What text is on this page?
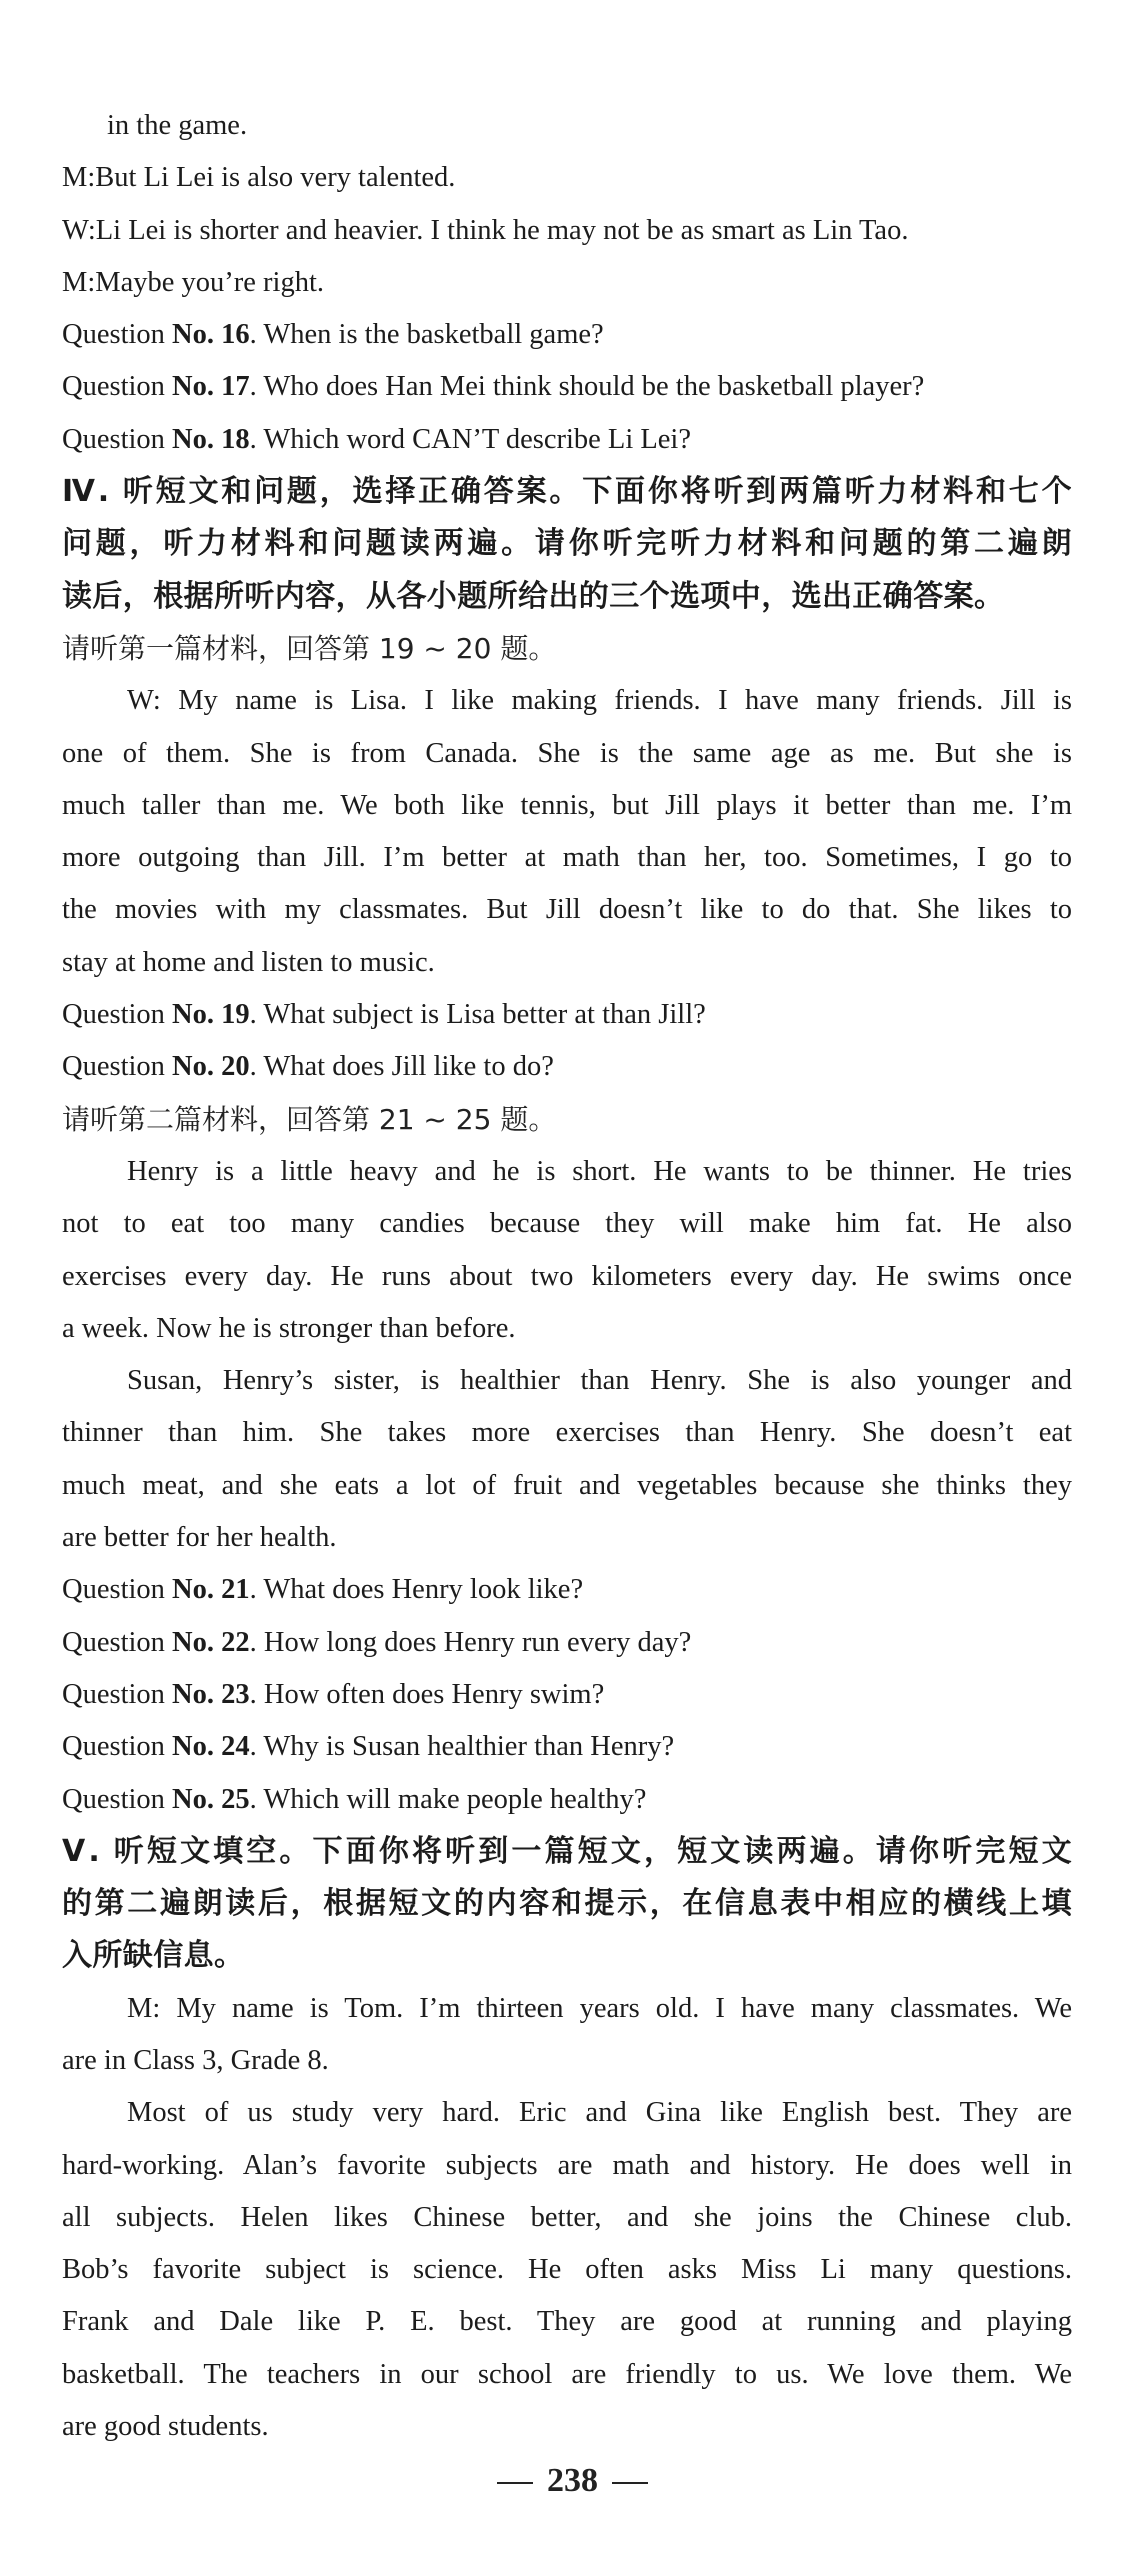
in the game.
M:But Li Lei is also very talented.
W:Li Lei is shorter and heavier. I think he may not be as smart as Lin Tao.
M:Maybe you’re right.
Question No. 16. When is the basketball game?
Question No. 17. Who does Han Mei think should be the basketball player?
Question No. 18. Which word CAN’T describe Li Lei?
Ⅳ. 听短文和问题，选择正确答案。下面你将听到两篇听力材料和七个
问题，听力材料和问题读两遍。请你听完听力材料和问题的第二遍朗
读后，根据所听内容，从各小题所给出的三个选项中，选出正确答案。
请听第一篇材料，回答第 19 ~ 20 题。
W: My name is Lisa. I like making friends. I have many friends. Jill is
one of them. She is from Canada. She is the same age as me. But she is
much taller than me. We both like tennis, but Jill plays it better than me. I’m
more outgoing than Jill. I’m better at math than her, too. Sometimes, I go to
the movies with my classmates. But Jill doesn’t like to do that. She likes to
stay at home and listen to music.
Question No. 19. What subject is Lisa better at than Jill?
Question No. 20. What does Jill like to do?
请听第二篇材料，回答第 21 ~ 25 题。
Henry is a little heavy and he is short. He wants to be thinner. He tries
not to eat too many candies because they will make him fat. He also
exercises every day. He runs about two kilometers every day. He swims once
a week. Now he is stronger than before.
Susan, Henry’s sister, is healthier than Henry. She is also younger and
thinner than him. She takes more exercises than Henry. She doesn’t eat
much meat, and she eats a lot of fruit and vegetables because she thinks they
are better for her health.
Question No. 21. What does Henry look like?
Question No. 22. How long does Henry run every day?
Question No. 23. How often does Henry swim?
Question No. 24. Why is Susan healthier than Henry?
Question No. 25. Which will make people healthy?
Ⅴ. 听短文填空。下面你将听到一篇短文，短文读两遍。请你听完短文
的第二遍朗读后，根据短文的内容和提示，在信息表中相应的横线上填
入所缺信息。
M: My name is Tom. I’m thirteen years old. I have many classmates. We
are in Class 3, Grade 8.
Most of us study very hard. Eric and Gina like English best. They are
hard-working. Alan’s favorite subjects are math and history. He does well in
all subjects. Helen likes Chinese better, and she joins the Chinese club.
Bob’s favorite subject is science. He often asks Miss Li many questions.
Frank and Dale like P. E. best. They are good at running and playing
basketball. The teachers in our school are friendly to us. We love them. We
are good students.
238
